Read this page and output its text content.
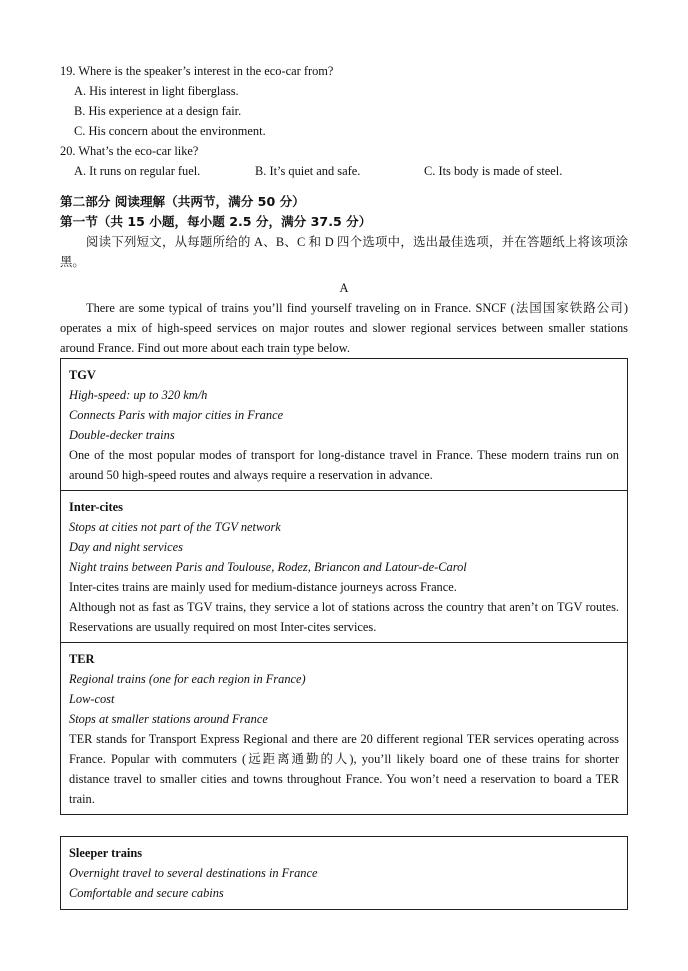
19. Where is the speaker’s interest in the eco-car from?
A. His interest in light fiberglass.
B. His experience at a design fair.
C. His concern about the environment.
20. What’s the eco-car like?
A. It runs on regular fuel.	B. It’s quiet and safe.	C. Its body is made of steel.
第二部分 阅读理解（共两节，满分 50 分）
第一节（共 15 小题，每小题 2.5 分，满分 37.5 分）
阅读下列短文，从每题所给的 A、B、C 和 D 四个选项中，选出最佳选项，并在答题纸上将该项涂黑。
A
There are some typical of trains you’ll find yourself traveling on in France. SNCF (法国国家铁路公司) operates a mix of high-speed services on major routes and slower regional services between smaller stations around France. Find out more about each train type below.
TGV
High-speed: up to 320 km/h
Connects Paris with major cities in France
Double-decker trains
One of the most popular modes of transport for long-distance travel in France. These modern trains run on around 50 high-speed routes and always require a reservation in advance.
Inter-cites
Stops at cities not part of the TGV network
Day and night services
Night trains between Paris and Toulouse, Rodez, Briancon and Latour-de-Carol
Inter-cites trains are mainly used for medium-distance journeys across France.
Although not as fast as TGV trains, they service a lot of stations across the country that aren’t on TGV routes. Reservations are usually required on most Inter-cites services.
TER
Regional trains (one for each region in France)
Low-cost
Stops at smaller stations around France
TER stands for Transport Express Regional and there are 20 different regional TER services operating across France. Popular with commuters (远距离通勤的人), you’ll likely board one of these trains for shorter distance travel to smaller cities and towns throughout France. You won’t need a reservation to board a TER train.
Sleeper trains
Overnight travel to several destinations in France
Comfortable and secure cabins
